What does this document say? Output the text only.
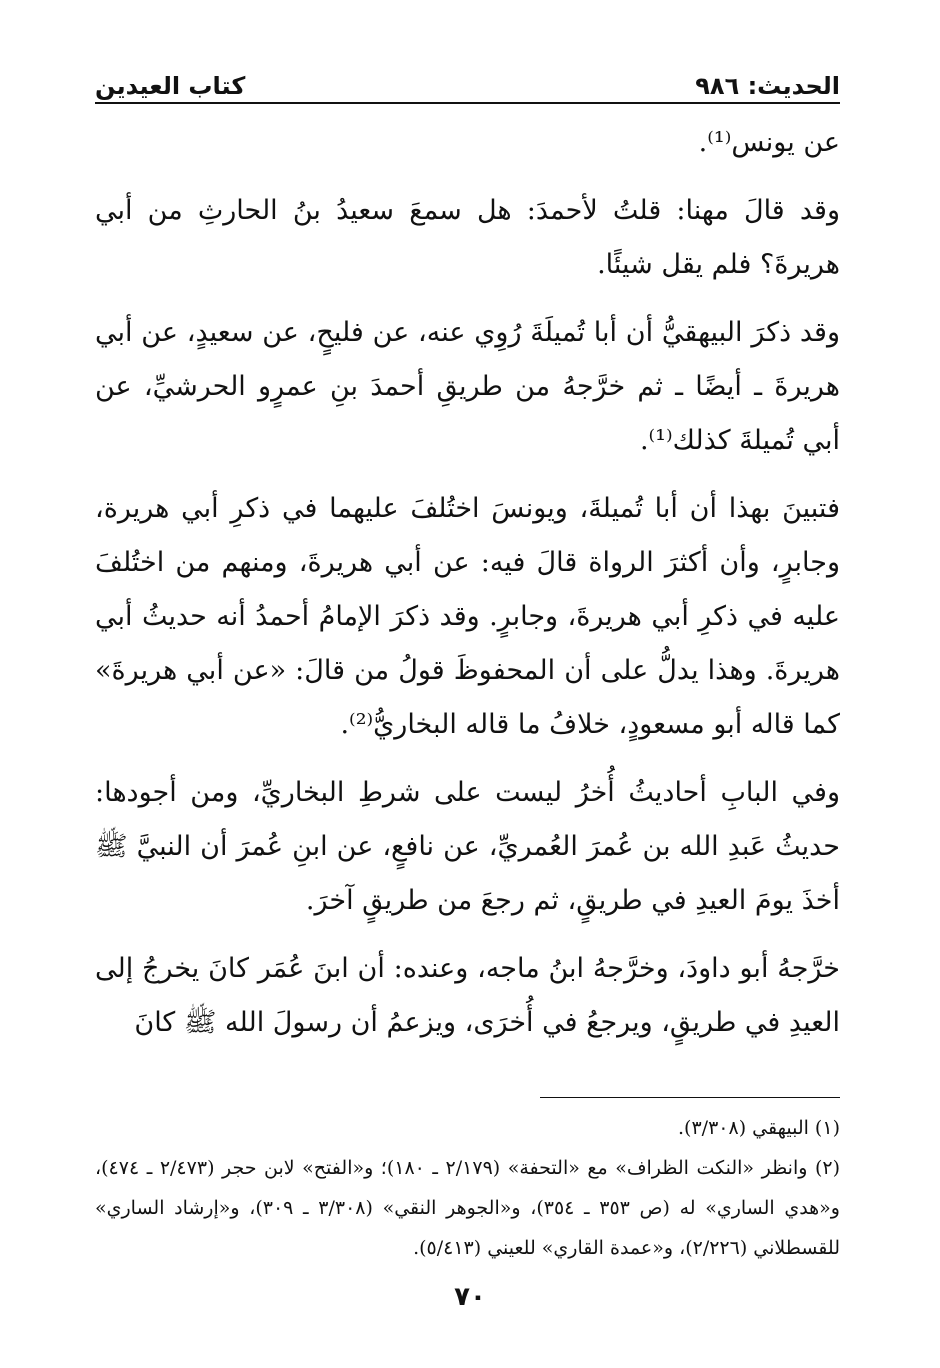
الحديث: ٩٨٦
كتاب العيدين

عن يونس⁽¹⁾.

وقد قالَ مهنا: قلتُ لأحمدَ: هل سمعَ سعيدُ بنُ الحارثِ من أبي هريرةَ؟ فلم يقل شيئًا.

وقد ذكرَ البيهقيُّ أن أبا تُميلَةَ رُوِي عنه، عن فليحٍ، عن سعيدٍ، عن أبي هريرةَ ـ أيضًا ـ ثم خرَّجهُ من طريقِ أحمدَ بنِ عمرٍو الحرشيِّ، عن أبي تُميلةَ كذلك⁽¹⁾.

فتبينَ بهذا أن أبا تُميلةَ، ويونسَ اختُلفَ عليهما في ذكرِ أبي هريرة، وجابرٍ، وأن أكثرَ الرواة قالَ فيه: عن أبي هريرةَ، ومنهم من اختُلفَ عليه في ذكرِ أبي هريرةَ، وجابرٍ. وقد ذكرَ الإمامُ أحمدُ أنه حديثُ أبي هريرةَ. وهذا يدلُّ على أن المحفوظَ قولُ من قالَ: «عن أبي هريرةَ» كما قاله أبو مسعودٍ، خلافُ ما قاله البخاريُّ⁽²⁾.

وفي البابِ أحاديثُ أُخرُ ليست على شرطِ البخاريِّ، ومن أجودها: حديثُ عَبدِ الله بن عُمرَ العُمريِّ، عن نافعٍ، عن ابنِ عُمرَ أن النبيَّ ﷺ أخذَ يومَ العيدِ في طريقٍ، ثم رجعَ من طريقٍ آخرَ.

خرَّجهُ أبو داودَ، وخرَّجهُ ابنُ ماجه، وعنده: أن ابنَ عُمَر كانَ يخرجُ إلى العيدِ في طريقٍ، ويرجعُ في أُخرَى، ويزعمُ أن رسولَ الله ﷺ كانَ

(١) البيهقي (٣/٣٠٨).

(٢) وانظر «النكت الظراف» مع «التحفة» (٢/١٧٩ ـ ١٨٠)؛ و«الفتح» لابن حجر (٢/٤٧٣ ـ ٤٧٤)، و«هدي الساري» له (ص ٣٥٣ ـ ٣٥٤)، و«الجوهر النقي» (٣/٣٠٨ ـ ٣٠٩)، و«إرشاد الساري» للقسطلاني (٢/٢٢٦)، و«عمدة القاري» للعيني (٥/٤١٣).

٧٠
